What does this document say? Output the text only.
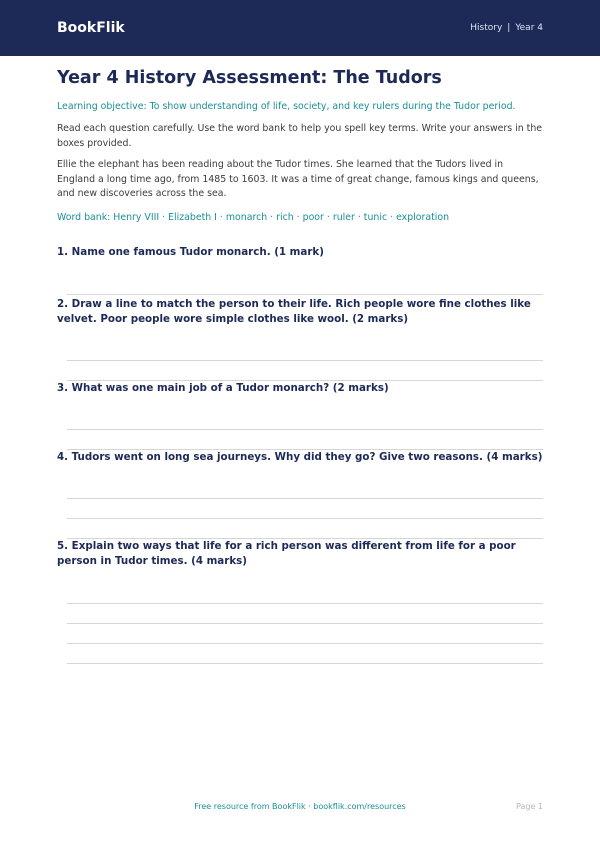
BookFlik	History | Year 4
Year 4 History Assessment: The Tudors
Learning objective: To show understanding of life, society, and key rulers during the Tudor period.

Read each question carefully. Use the word bank to help you spell key terms. Write your answers in the boxes provided.

Ellie the elephant has been reading about the Tudor times. She learned that the Tudors lived in England a long time ago, from 1485 to 1603. It was a time of great change, famous kings and queens, and new discoveries across the sea.

Word bank: Henry VIII · Elizabeth I · monarch · rich · poor · ruler · tunic · exploration

1. Name one famous Tudor monarch. (1 mark)

2. Draw a line to match the person to their life. Rich people wore fine clothes like velvet. Poor people wore simple clothes like wool. (2 marks)

3. What was one main job of a Tudor monarch? (2 marks)

4. Tudors went on long sea journeys. Why did they go? Give two reasons. (4 marks)

5. Explain two ways that life for a rich person was different from life for a poor person in Tudor times. (4 marks)

Free resource from BookFlik · bookflik.com/resources	Page 1
